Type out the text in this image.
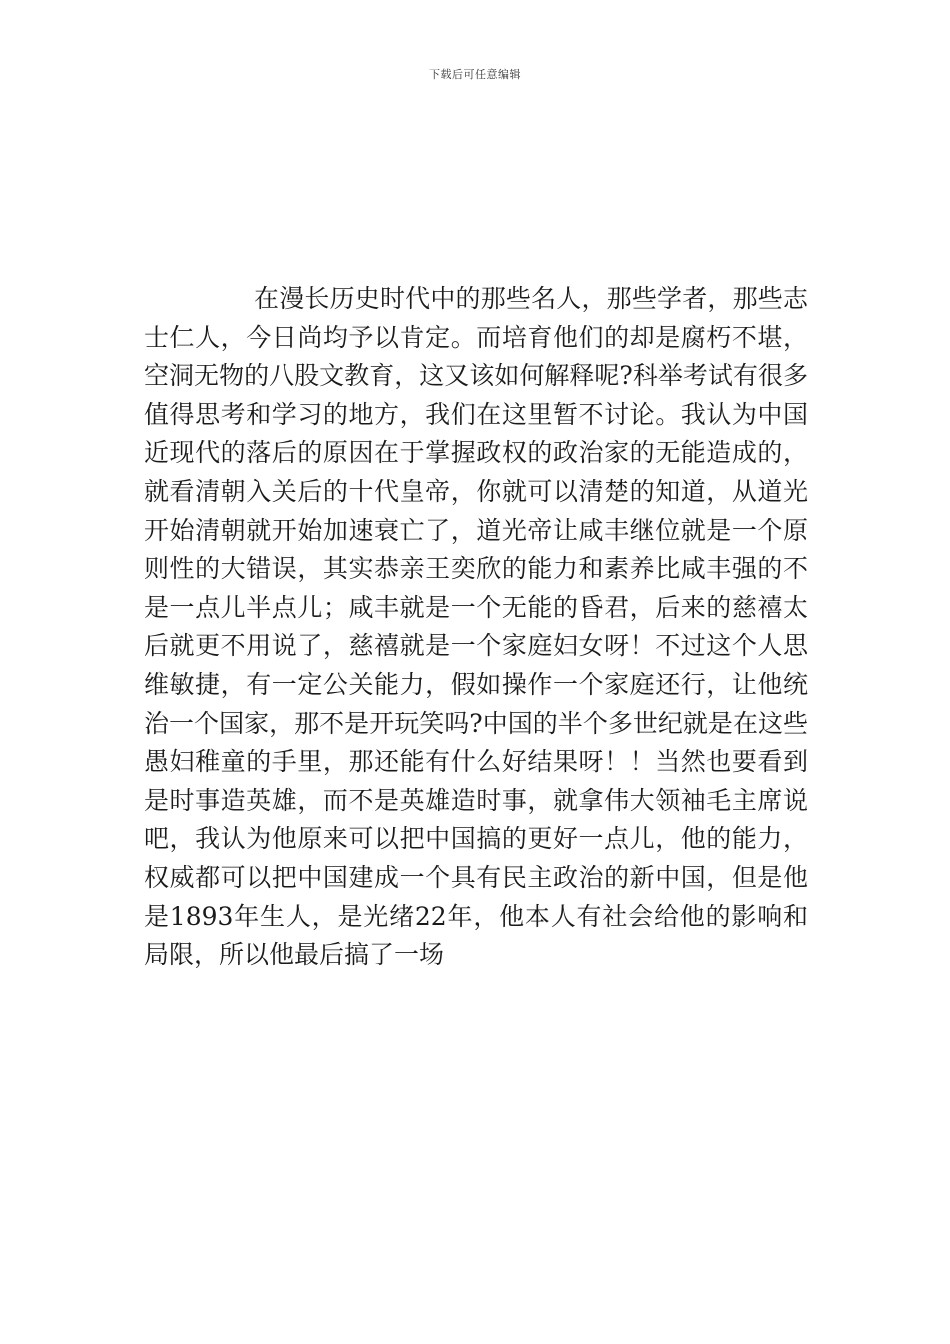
下载后可任意编辑

在漫长历史时代中的那些名人，那些学者，那些志士仁人，今日尚均予以肯定。而培育他们的却是腐朽不堪，空洞无物的八股文教育，这又该如何解释呢?科举考试有很多值得思考和学习的地方，我们在这里暂不讨论。我认为中国近现代的落后的原因在于掌握政权的政治家的无能造成的，就看清朝入关后的十代皇帝，你就可以清楚的知道，从道光开始清朝就开始加速衰亡了，道光帝让咸丰继位就是一个原则性的大错误，其实恭亲王奕欣的能力和素养比咸丰强的不是一点儿半点儿；咸丰就是一个无能的昏君，后来的慈禧太后就更不用说了，慈禧就是一个家庭妇女呀！不过这个人思维敏捷，有一定公关能力，假如操作一个家庭还行，让他统治一个国家，那不是开玩笑吗?中国的半个多世纪就是在这些愚妇稚童的手里，那还能有什么好结果呀！！当然也要看到是时事造英雄，而不是英雄造时事，就拿伟大领袖毛主席说吧，我认为他原来可以把中国搞的更好一点儿，他的能力，权威都可以把中国建成一个具有民主政治的新中国，但是他是1893年生人，是光绪22年，他本人有社会给他的影响和局限，所以他最后搞了一场
